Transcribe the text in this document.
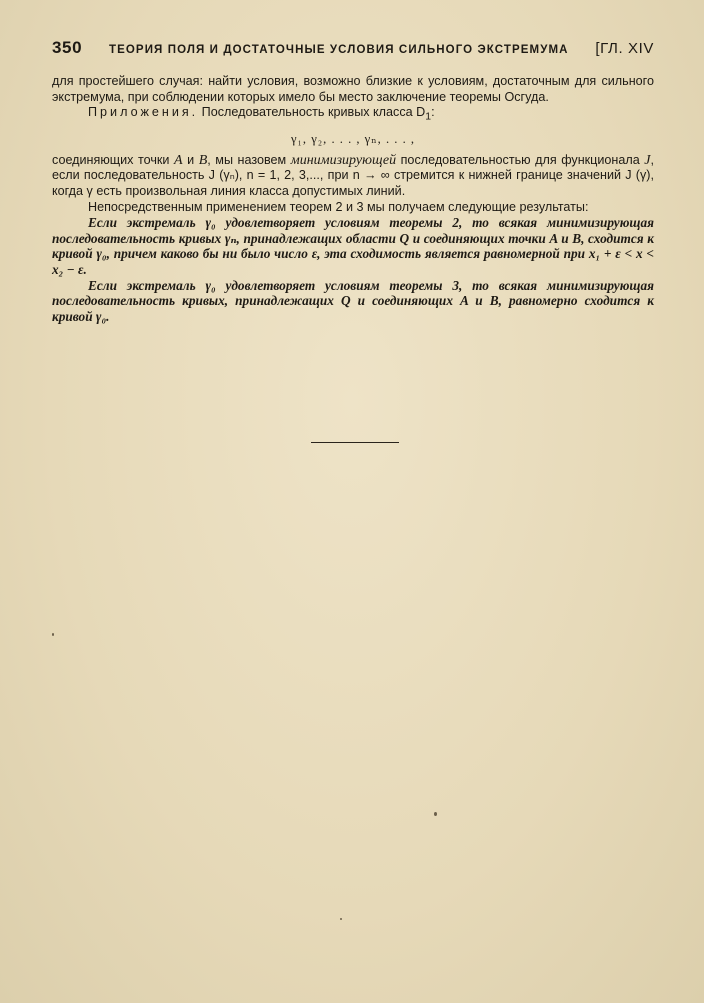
350 ТЕОРИЯ ПОЛЯ И ДОСТАТОЧНЫЕ УСЛОВИЯ СИЛЬНОГО ЭКСТРЕМУМА [ГЛ. XIV

для простейшего случая: найти условия, возможно близкие к условиям, достаточным для сильного экстремума, при соблюдении которых имело бы место заключение теоремы Осгуда.

Приложения. Последовательность кривых класса $D_1$:

γ₁, γ₂, . . . , γₙ, . . . ,

соединяющих точки A и B, мы назовем минимизирующей последовательностью для функционала J, если последовательность J (γₙ), n = 1, 2, 3,..., при n → ∞ стремится к нижней границе значений J (γ), когда γ есть произвольная линия класса допустимых линий.

Непосредственным применением теорем 2 и 3 мы получаем следующие результаты:

Если экстремаль γ₀ удовлетворяет условиям теоремы 2, то всякая минимизирующая последовательность кривых γₙ, принадлежащих области Q и соединяющих точки A и B, сходится к кривой γ₀, причем каково бы ни было число ε, эта сходимость является равномерной при x₁ + ε < x < x₂ − ε.

Если экстремаль γ₀ удовлетворяет условиям теоремы 3, то всякая минимизирующая последовательность кривых, принадлежащих Q и соединяющих A и B, равномерно сходится к кривой γ₀.
